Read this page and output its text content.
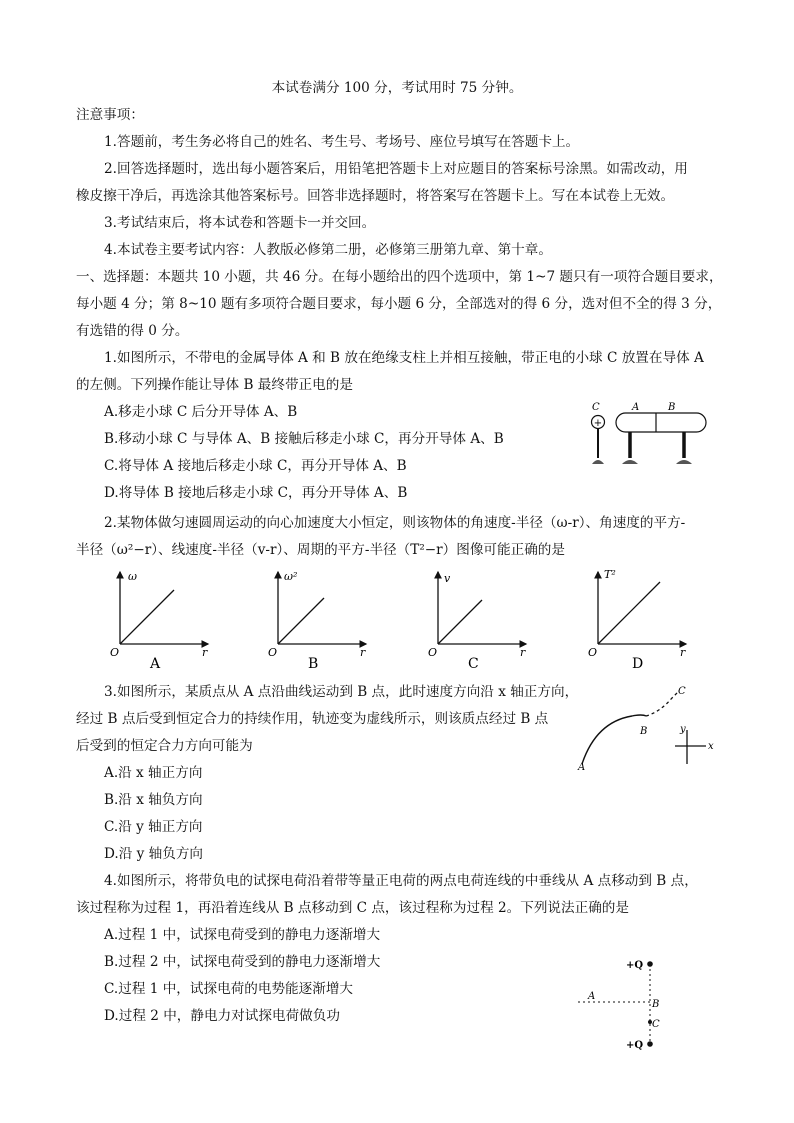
本试卷满分 100 分，考试用时 75 分钟。
注意事项：
1.答题前，考生务必将自己的姓名、考生号、考场号、座位号填写在答题卡上。
2.回答选择题时，选出每小题答案后，用铅笔把答题卡上对应题目的答案标号涂黑。如需改动，用
橡皮擦干净后，再选涂其他答案标号。回答非选择题时，将答案写在答题卡上。写在本试卷上无效。
3.考试结束后，将本试卷和答题卡一并交回。
4.本试卷主要考试内容：人教版必修第二册，必修第三册第九章、第十章。
一、选择题：本题共 10 小题，共 46 分。在每小题给出的四个选项中，第 1~7 题只有一项符合题目要求，
每小题 4 分；第 8~10 题有多项符合题目要求，每小题 6 分，全部选对的得 6 分，选对但不全的得 3 分，
有选错的得 0 分。
1.如图所示，不带电的金属导体 A 和 B 放在绝缘支柱上并相互接触，带正电的小球 C 放置在导体 A
的左侧。下列操作能让导体 B 最终带正电的是
A.移走小球 C 后分开导体 A、B
B.移动小球 C 与导体 A、B 接触后移走小球 C，再分开导体 A、B
C.将导体 A 接地后移走小球 C，再分开导体 A、B
D.将导体 B 接地后移走小球 C，再分开导体 A、B
C	A	B
+
2.某物体做匀速圆周运动的向心加速度大小恒定，则该物体的角速度-半径（ω-r）、角速度的平方-
半径（ω²−r）、线速度-半径（v-r）、周期的平方-半径（T²−r）图像可能正确的是
ω
O	r
A
ω²
O	r
B
v
O	r
C
T²
O	r
D
3.如图所示，某质点从 A 点沿曲线运动到 B 点，此时速度方向沿 x 轴正方向，
经过 B 点后受到恒定合力的持续作用，轨迹变为虚线所示，则该质点经过 B 点
后受到的恒定合力方向可能为
A.沿 x 轴正方向
B.沿 x 轴负方向
C.沿 y 轴正方向
D.沿 y 轴负方向
A
B
C
y
x
4.如图所示，将带负电的试探电荷沿着带等量正电荷的两点电荷连线的中垂线从 A 点移动到 B 点，
该过程称为过程 1，再沿着连线从 B 点移动到 C 点，该过程称为过程 2。下列说法正确的是
A.过程 1 中，试探电荷受到的静电力逐渐增大
B.过程 2 中，试探电荷受到的静电力逐渐增大
C.过程 1 中，试探电荷的电势能逐渐增大
D.过程 2 中，静电力对试探电荷做负功
+Q
+Q
A
B
C
